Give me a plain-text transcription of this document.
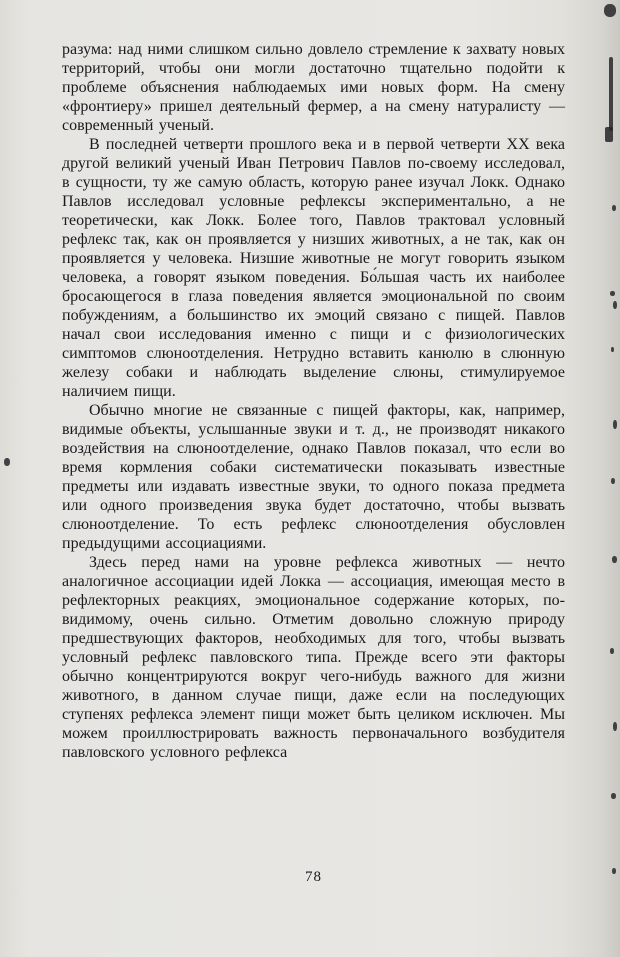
разума: над ними слишком сильно довлело стремление к захвату новых территорий, чтобы они могли достаточно тщательно подойти к проблеме объяснения наблюдаемых ими новых форм. На смену «фронтиеру» пришел деятельный фермер, а на смену натуралисту — современный ученый.

В последней четверти прошлого века и в первой четверти XX века другой великий ученый Иван Петрович Павлов по-своему исследовал, в сущности, ту же самую область, которую ранее изучал Локк. Однако Павлов исследовал условные рефлексы экспериментально, а не теоретически, как Локк. Более того, Павлов трактовал условный рефлекс так, как он проявляется у низших животных, а не так, как он проявляется у человека. Низшие животные не могут говорить языком человека, а говорят языком поведения. Бо́льшая часть их наиболее бросающегося в глаза поведения является эмоциональной по своим побуждениям, а большинство их эмоций связано с пищей. Павлов начал свои исследования именно с пищи и с физиологических симптомов слюноотделения. Нетрудно вставить канюлю в слюнную железу собаки и наблюдать выделение слюны, стимулируемое наличием пищи.

Обычно многие не связанные с пищей факторы, как, например, видимые объекты, услышанные звуки и т. д., не производят никакого воздействия на слюноотделение, однако Павлов показал, что если во время кормления собаки систематически показывать известные предметы или издавать известные звуки, то одного показа предмета или одного произведения звука будет достаточно, чтобы вызвать слюноотделение. То есть рефлекс слюноотделения обусловлен предыдущими ассоциациями.

Здесь перед нами на уровне рефлекса животных — нечто аналогичное ассоциации идей Локка — ассоциация, имеющая место в рефлекторных реакциях, эмоциональное содержание которых, по-видимому, очень сильно. Отметим довольно сложную природу предшествующих факторов, необходимых для того, чтобы вызвать условный рефлекс павловского типа. Прежде всего эти факторы обычно концентрируются вокруг чего-нибудь важного для жизни животного, в данном случае пищи, даже если на последующих ступенях рефлекса элемент пищи может быть целиком исключен. Мы можем проиллюстрировать важность первоначального возбудителя павловского условного рефлекса

78
